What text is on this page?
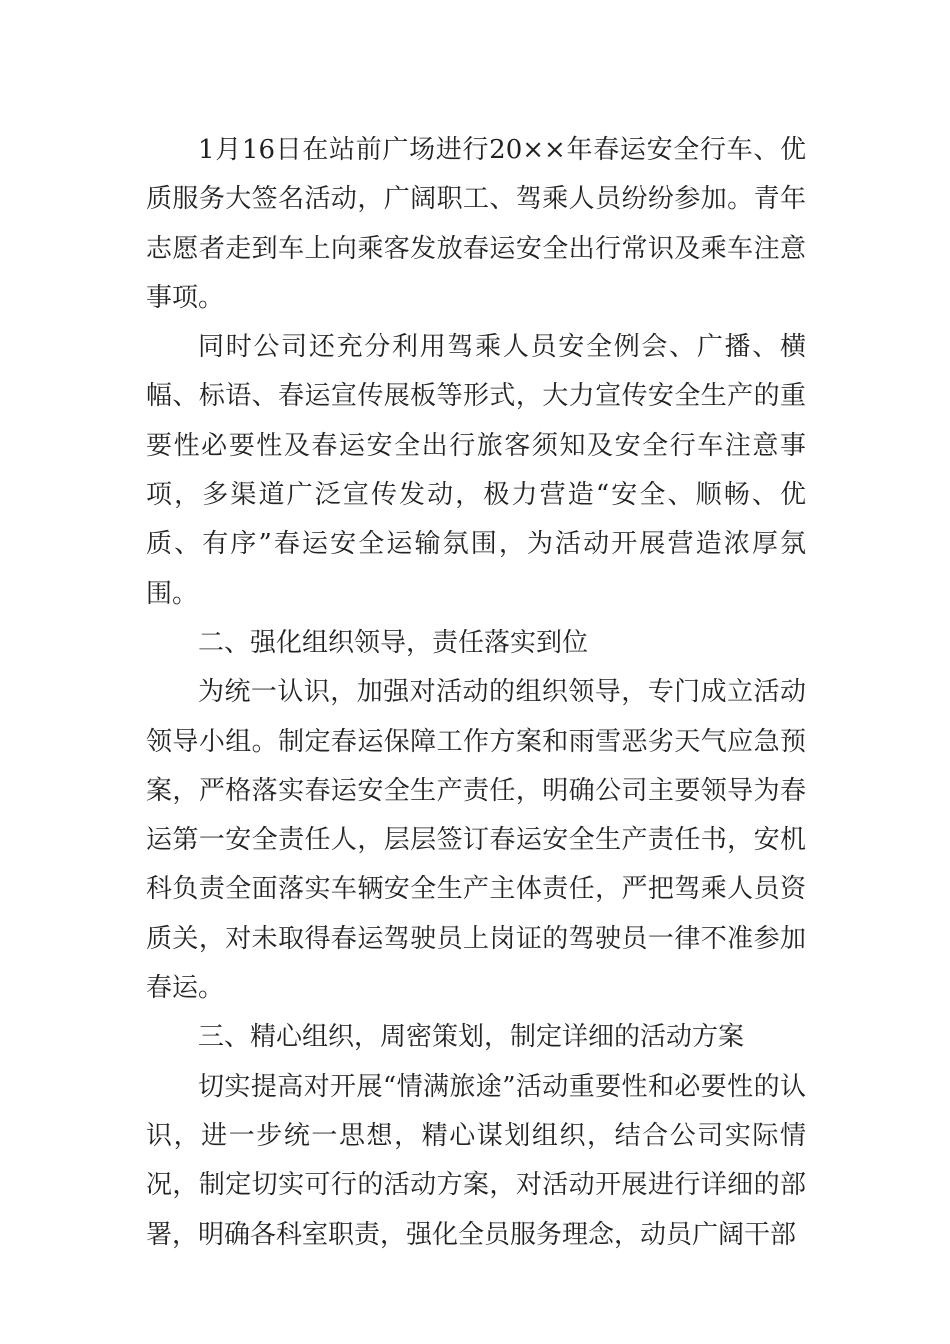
1月16日在站前广场进行20××年春运安全行车、优质服务大签名活动，广阔职工、驾乘人员纷纷参加。青年志愿者走到车上向乘客发放春运安全出行常识及乘车注意事项。

同时公司还充分利用驾乘人员安全例会、广播、横幅、标语、春运宣传展板等形式，大力宣传安全生产的重要性必要性及春运安全出行旅客须知及安全行车注意事项，多渠道广泛宣传发动，极力营造“安全、顺畅、优质、有序”春运安全运输氛围，为活动开展营造浓厚氛围。

二、强化组织领导，责任落实到位

为统一认识，加强对活动的组织领导，专门成立活动领导小组。制定春运保障工作方案和雨雪恶劣天气应急预案，严格落实春运安全生产责任，明确公司主要领导为春运第一安全责任人，层层签订春运安全生产责任书，安机科负责全面落实车辆安全生产主体责任，严把驾乘人员资质关，对未取得春运驾驶员上岗证的驾驶员一律不准参加春运。

三、精心组织，周密策划，制定详细的活动方案

切实提高对开展“情满旅途”活动重要性和必要性的认识，进一步统一思想，精心谋划组织，结合公司实际情况，制定切实可行的活动方案，对活动开展进行详细的部署，明确各科室职责，强化全员服务理念，动员广阔干部
